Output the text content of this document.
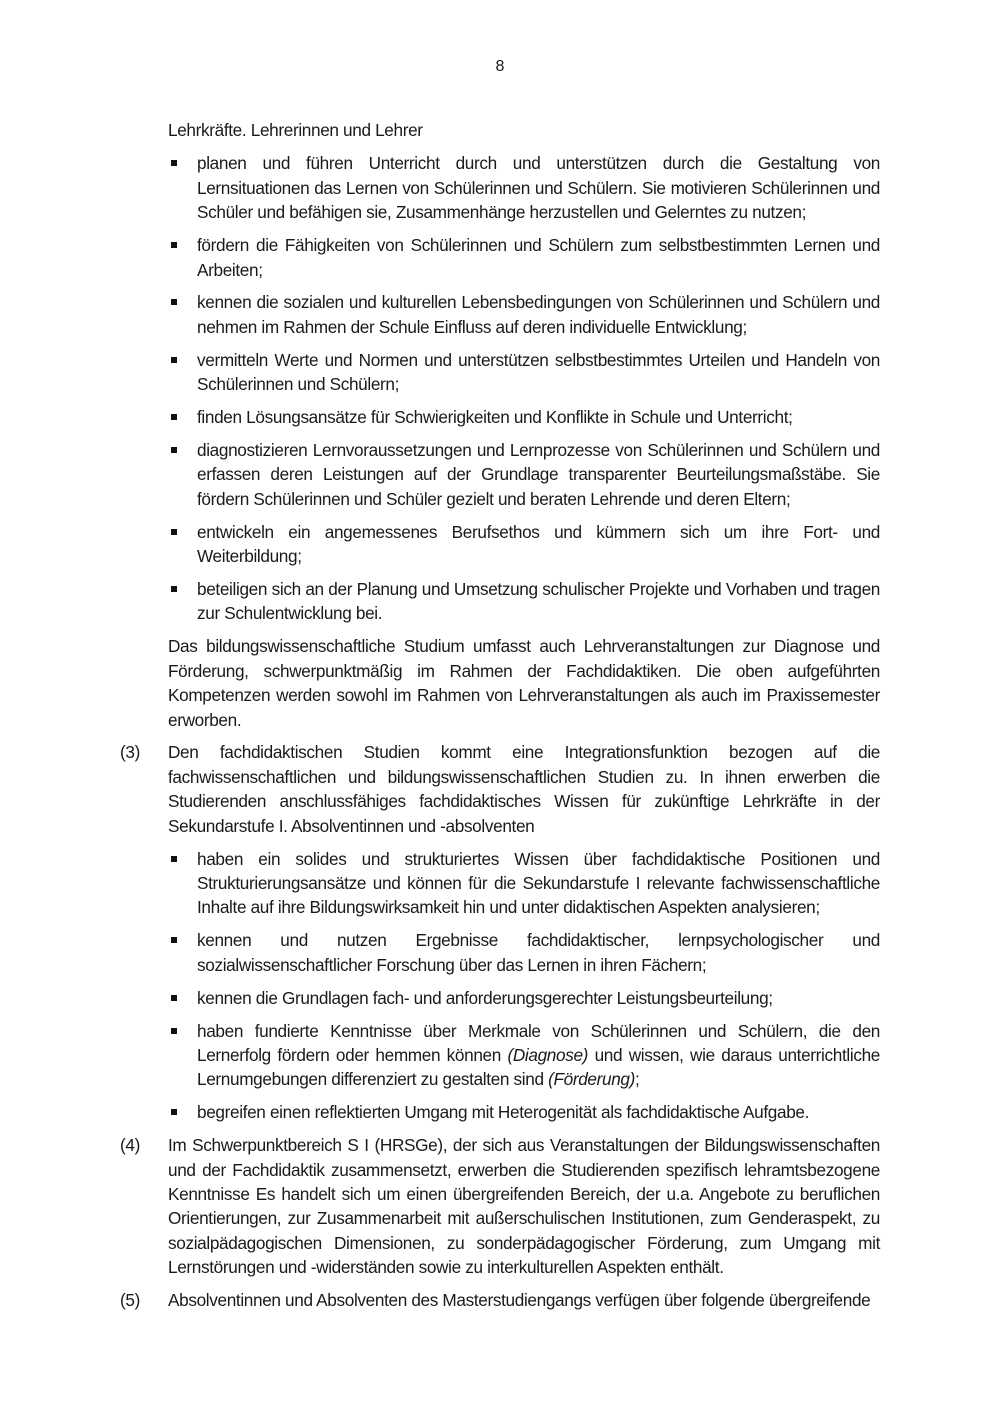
8

Lehrkräfte. Lehrerinnen und Lehrer

planen und führen Unterricht durch und unterstützen durch die Gestaltung von Lernsituationen das Lernen von Schülerinnen und Schülern. Sie motivieren Schülerinnen und Schüler und befähigen sie, Zusammenhänge herzustellen und Gelerntes zu nutzen;
fördern die Fähigkeiten von Schülerinnen und Schülern zum selbstbestimmten Lernen und Arbeiten;
kennen die sozialen und kulturellen Lebensbedingungen von Schülerinnen und Schülern und nehmen im Rahmen der Schule Einfluss auf deren individuelle Entwicklung;
vermitteln Werte und Normen und unterstützen selbstbestimmtes Urteilen und Handeln von Schülerinnen und Schülern;
finden Lösungsansätze für Schwierigkeiten und Konflikte in Schule und Unterricht;
diagnostizieren Lernvoraussetzungen und Lernprozesse von Schülerinnen und Schülern und erfassen deren Leistungen auf der Grundlage transparenter Beurteilungsmaßstäbe. Sie fördern Schülerinnen und Schüler gezielt und beraten Lehrende und deren Eltern;
entwickeln ein angemessenes Berufsethos und kümmern sich um ihre Fort- und Weiterbildung;
beteiligen sich an der Planung und Umsetzung schulischer Projekte und Vorhaben und tragen zur Schulentwicklung bei.

Das bildungswissenschaftliche Studium umfasst auch Lehrveranstaltungen zur Diagnose und Förderung, schwerpunktmäßig im Rahmen der Fachdidaktiken. Die oben aufgeführten Kompetenzen werden sowohl im Rahmen von Lehrveranstaltungen als auch im Praxissemester erworben.

(3) Den fachdidaktischen Studien kommt eine Integrationsfunktion bezogen auf die fachwissenschaftlichen und bildungswissenschaftlichen Studien zu. In ihnen erwerben die Studierenden anschlussfähiges fachdidaktisches Wissen für zukünftige Lehrkräfte in der Sekundarstufe I. Absolventinnen und -absolventen

haben ein solides und strukturiertes Wissen über fachdidaktische Positionen und Strukturierungsansätze und können für die Sekundarstufe I relevante fachwissenschaftliche Inhalte auf ihre Bildungswirksamkeit hin und unter didaktischen Aspekten analysieren;
kennen und nutzen Ergebnisse fachdidaktischer, lernpsychologischer und sozialwissenschaftlicher Forschung über das Lernen in ihren Fächern;
kennen die Grundlagen fach- und anforderungsgerechter Leistungsbeurteilung;
haben fundierte Kenntnisse über Merkmale von Schülerinnen und Schülern, die den Lernerfolg fördern oder hemmen können (Diagnose) und wissen, wie daraus unterrichtliche Lernumgebungen differenziert zu gestalten sind (Förderung);
begreifen einen reflektierten Umgang mit Heterogenität als fachdidaktische Aufgabe.
(4) Im Schwerpunktbereich S I (HRSGe), der sich aus Veranstaltungen der Bildungswissenschaften und der Fachdidaktik zusammensetzt, erwerben die Studierenden spezifisch lehramtsbezogene Kenntnisse Es handelt sich um einen übergreifenden Bereich, der u.a. Angebote zu beruflichen Orientierungen, zur Zusammenarbeit mit außerschulischen Institutionen, zum Genderaspekt, zu sozialpädagogischen Dimensionen, zu sonderpädagogischer Förderung, zum Umgang mit Lernstörungen und -widerständen sowie zu interkulturellen Aspekten enthält.

(5) Absolventinnen und Absolventen des Masterstudiengangs verfügen über folgende übergreifende
